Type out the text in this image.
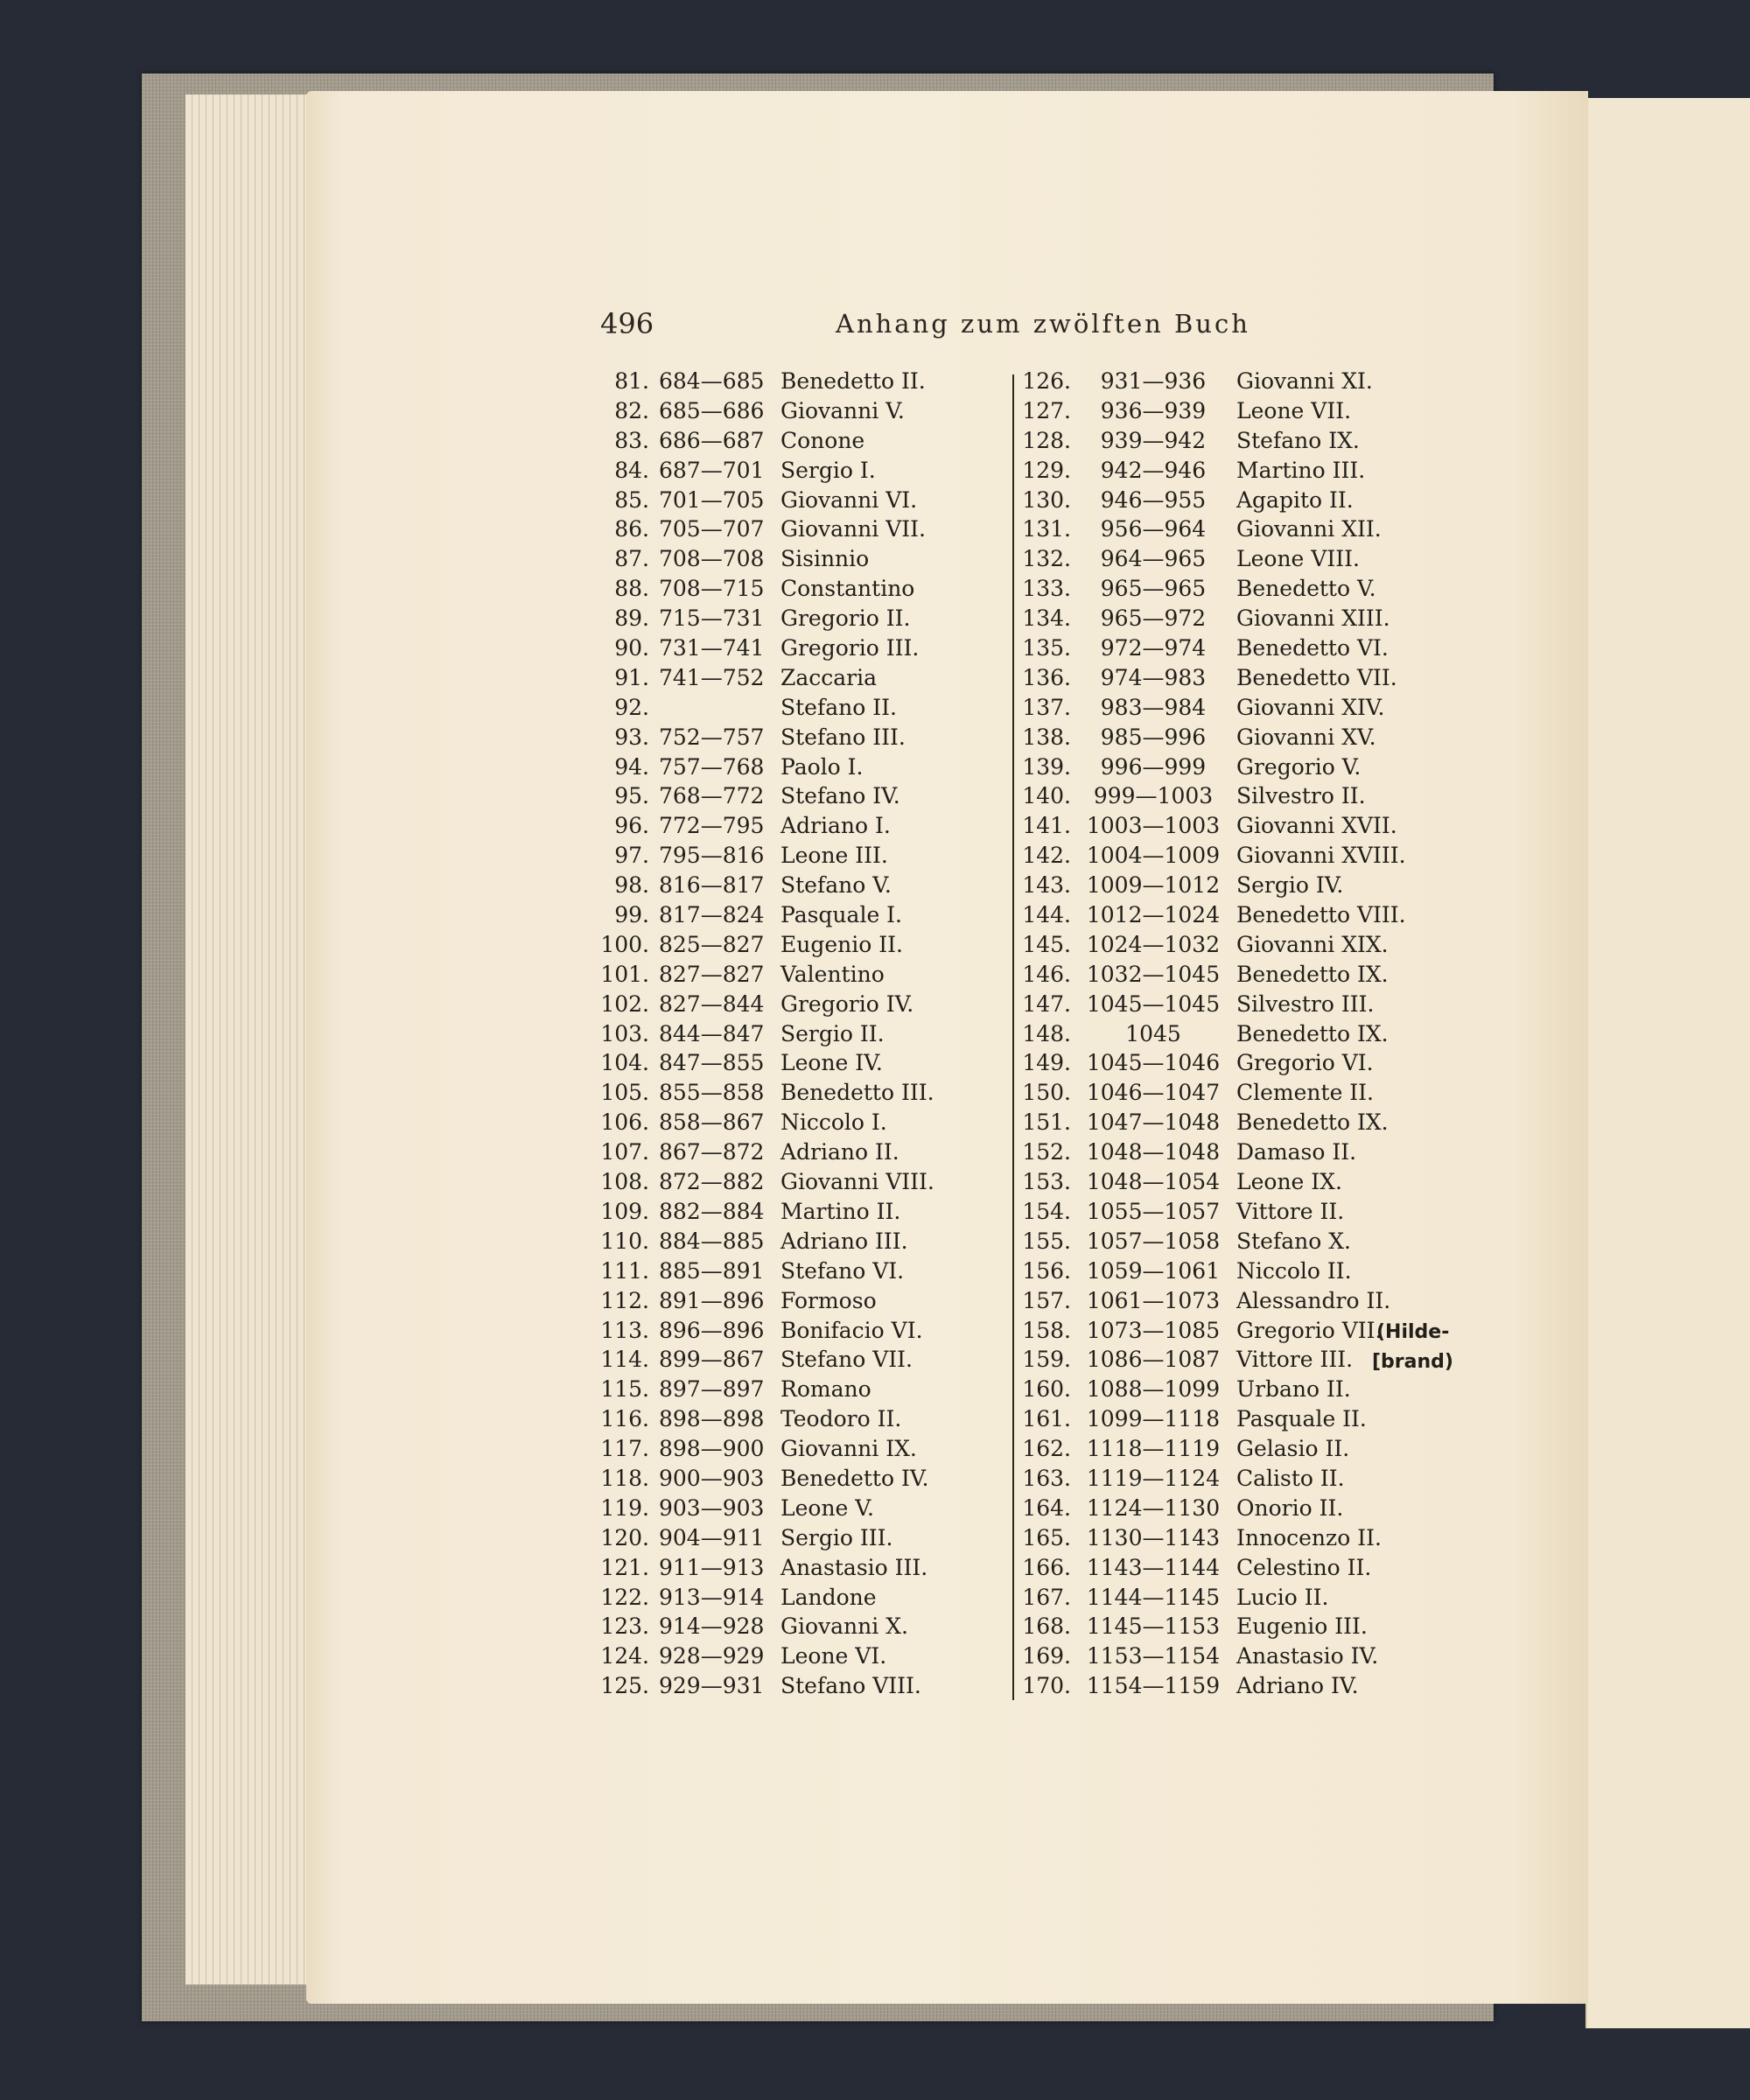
496	Anhang zum zwölften Buch
81. 684—685 Benedetto II.
82. 685—686 Giovanni V.
83. 686—687 Conone
84. 687—701 Sergio I.
85. 701—705 Giovanni VI.
86. 705—707 Giovanni VII.
87. 708—708 Sisinnio
88. 708—715 Constantino
89. 715—731 Gregorio II.
90. 731—741 Gregorio III.
91. 741—752 Zaccaria
92.	Stefano II.
93. 752—757 Stefano III.
94. 757—768 Paolo I.
95. 768—772 Stefano IV.
96. 772—795 Adriano I.
97. 795—816 Leone III.
98. 816—817 Stefano V.
99. 817—824 Pasquale I.
100. 825—827 Eugenio II.
101. 827—827 Valentino
102. 827—844 Gregorio IV.
103. 844—847 Sergio II.
104. 847—855 Leone IV.
105. 855—858 Benedetto III.
106. 858—867 Niccolo I.
107. 867—872 Adriano II.
108. 872—882 Giovanni VIII.
109. 882—884 Martino II.
110. 884—885 Adriano III.
111. 885—891 Stefano VI.
112. 891—896 Formoso
113. 896—896 Bonifacio VI.
114. 899—867 Stefano VII.
115. 897—897 Romano
116. 898—898 Teodoro II.
117. 898—900 Giovanni IX.
118. 900—903 Benedetto IV.
119. 903—903 Leone V.
120. 904—911 Sergio III.
121. 911—913 Anastasio III.
122. 913—914 Landone
123. 914—928 Giovanni X.
124. 928—929 Leone VI.
125. 929—931 Stefano VIII.
126.	931—936	Giovanni XI.
127.	936—939	Leone VII.
128.	939—942	Stefano IX.
129.	942—946	Martino III.
130.	946—955	Agapito II.
131.	956—964	Giovanni XII.
132.	964—965	Leone VIII.
133.	965—965	Benedetto V.
134.	965—972	Giovanni XIII.
135.	972—974	Benedetto VI.
136.	974—983	Benedetto VII.
137.	983—984	Giovanni XIV.
138.	985—996	Giovanni XV.
139.	996—999	Gregorio V.
140.	999—1003	Silvestro II.
141. 1003—1003 Giovanni XVII.
142. 1004—1009 Giovanni XVIII.
143. 1009—1012 Sergio IV.
144. 1012—1024 Benedetto VIII.
145. 1024—1032 Giovanni XIX.
146. 1032—1045 Benedetto IX.
147. 1045—1045 Silvestro III.
148.	1045	Benedetto IX.
149. 1045—1046 Gregorio VI.
150. 1046—1047 Clemente II.
151. 1047—1048 Benedetto IX.
152. 1048—1048 Damaso II.
153. 1048—1054 Leone IX.
154. 1055—1057 Vittore II.
155. 1057—1058 Stefano X.
156. 1059—1061 Niccolo II.
157. 1061—1073 Alessandro II.
158. 1073—1085 Gregorio VII.
159. 1086—1087 Vittore III.
160. 1088—1099 Urbano II.
161. 1099—1118 Pasquale II.
162. 1118—1119 Gelasio II.
163. 1119—1124 Calisto II.
164. 1124—1130 Onorio II.
165. 1130—1143 Innocenzo II.
166. 1143—1144 Celestino II.
167. 1144—1145 Lucio II.
168. 1145—1153 Eugenio III.
169. 1153—1154 Anastasio IV.
170. 1154—1159 Adriano IV.
(Hilde-
[brand)
